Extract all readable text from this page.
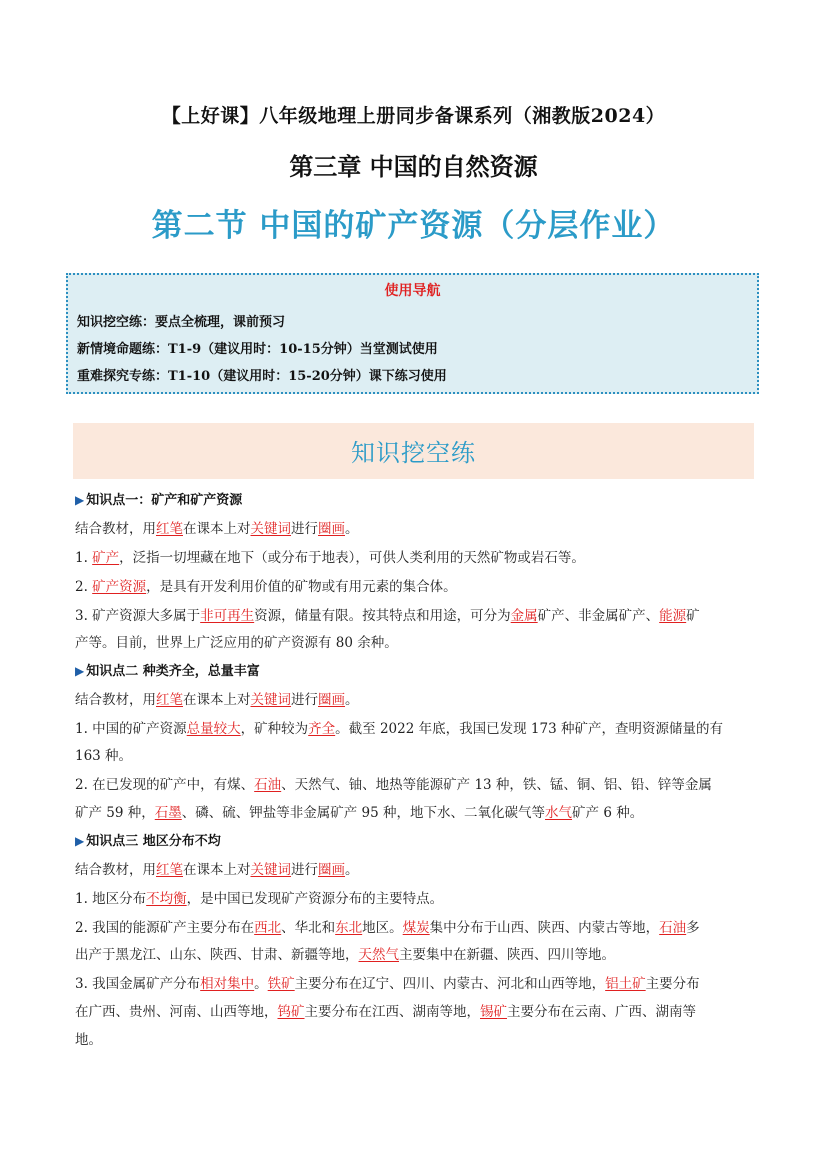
【上好课】八年级地理上册同步备课系列（湘教版2024）
第三章 中国的自然资源
第二节 中国的矿产资源（分层作业）
使用导航
知识挖空练：要点全梳理，课前预习
新情境命题练：T1-9（建议用时：10-15分钟）当堂测试使用
重难探究专练：T1-10（建议用时：15-20分钟）课下练习使用
知识挖空练
▶ 知识点一：矿产和矿产资源
结合教材，用红笔在课本上对关键词进行圈画。
1. 矿产，泛指一切埋藏在地下（或分布于地表），可供人类利用的天然矿物或岩石等。
2. 矿产资源，是具有开发利用价值的矿物或有用元素的集合体。
3. 矿产资源大多属于非可再生资源，储量有限。按其特点和用途，可分为金属矿产、非金属矿产、能源矿
产等。目前，世界上广泛应用的矿产资源有 80 余种。
▶ 知识点二 种类齐全，总量丰富
结合教材，用红笔在课本上对关键词进行圈画。
1. 中国的矿产资源总量较大，矿种较为齐全。截至 2022 年底，我国已发现 173 种矿产，查明资源储量的有
163 种。
2. 在已发现的矿产中，有煤、石油、天然气、铀、地热等能源矿产 13 种，铁、锰、铜、铝、铅、锌等金属
矿产 59 种，石墨、磷、硫、钾盐等非金属矿产 95 种，地下水、二氧化碳气等水气矿产 6 种。
▶ 知识点三 地区分布不均
结合教材，用红笔在课本上对关键词进行圈画。
1. 地区分布不均衡，是中国已发现矿产资源分布的主要特点。
2. 我国的能源矿产主要分布在西北、华北和东北地区。煤炭集中分布于山西、陕西、内蒙古等地，石油多
出产于黑龙江、山东、陕西、甘肃、新疆等地，天然气主要集中在新疆、陕西、四川等地。
3. 我国金属矿产分布相对集中。铁矿主要分布在辽宁、四川、内蒙古、河北和山西等地，铝土矿主要分布
在广西、贵州、河南、山西等地，钨矿主要分布在江西、湖南等地，锡矿主要分布在云南、广西、湖南等
地。
